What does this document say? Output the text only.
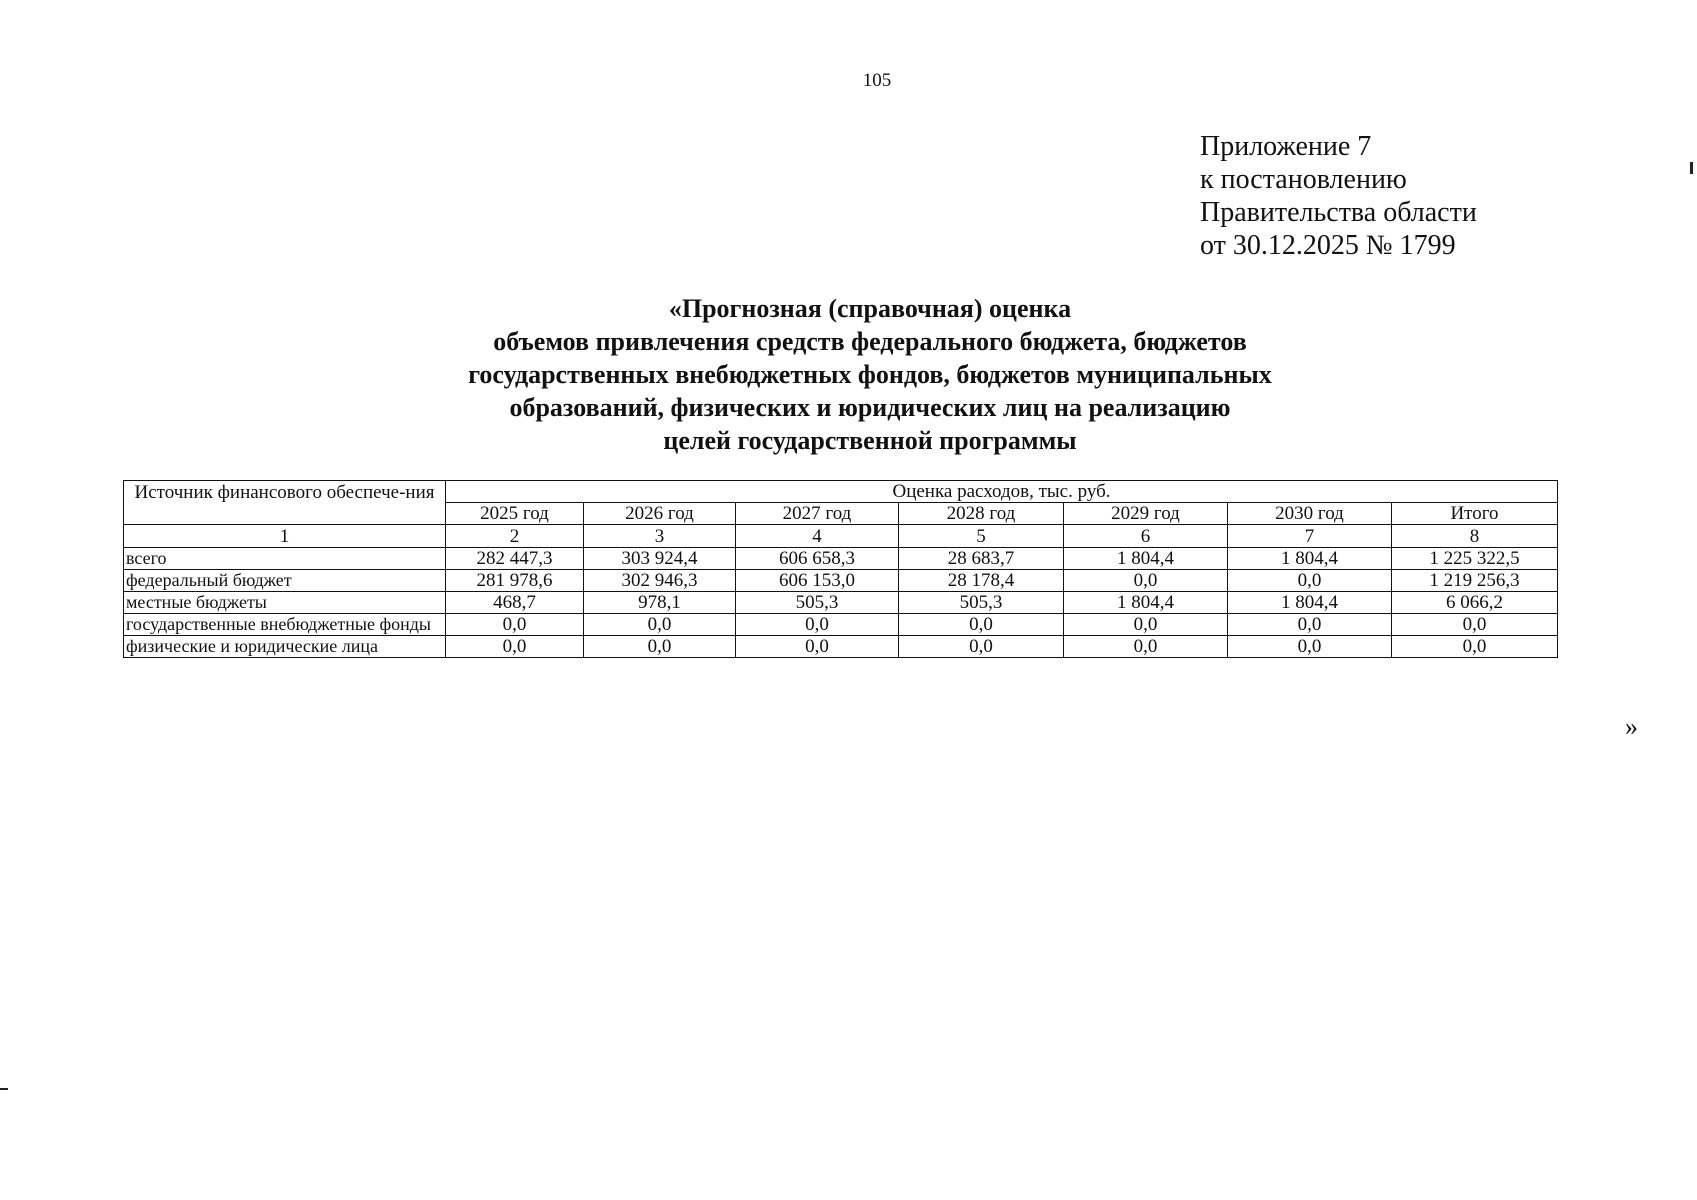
105
Приложение 7
к постановлению
Правительства области
от 30.12.2025 № 1799
«Прогнозная (справочная) оценка
объемов привлечения средств федерального бюджета, бюджетов
государственных внебюджетных фондов, бюджетов муниципальных
образований, физических и юридических лиц на реализацию
целей государственной программы
Источник финансового обеспече-ния	Оценка расходов, тыс. руб.						
	2025 год	2026 год	2027 год	2028 год	2029 год	2030 год	Итого
1	2	3	4	5	6	7	8
всего	282 447,3	303 924,4	606 658,3	28 683,7	1 804,4	1 804,4	1 225 322,5
федеральный бюджет	281 978,6	302 946,3	606 153,0	28 178,4	0,0	0,0	1 219 256,3
местные бюджеты	468,7	978,1	505,3	505,3	1 804,4	1 804,4	6 066,2
государственные внебюджетные фонды	0,0	0,0	0,0	0,0	0,0	0,0	0,0
физические и юридические лица	0,0	0,0	0,0	0,0	0,0	0,0	0,0
»
